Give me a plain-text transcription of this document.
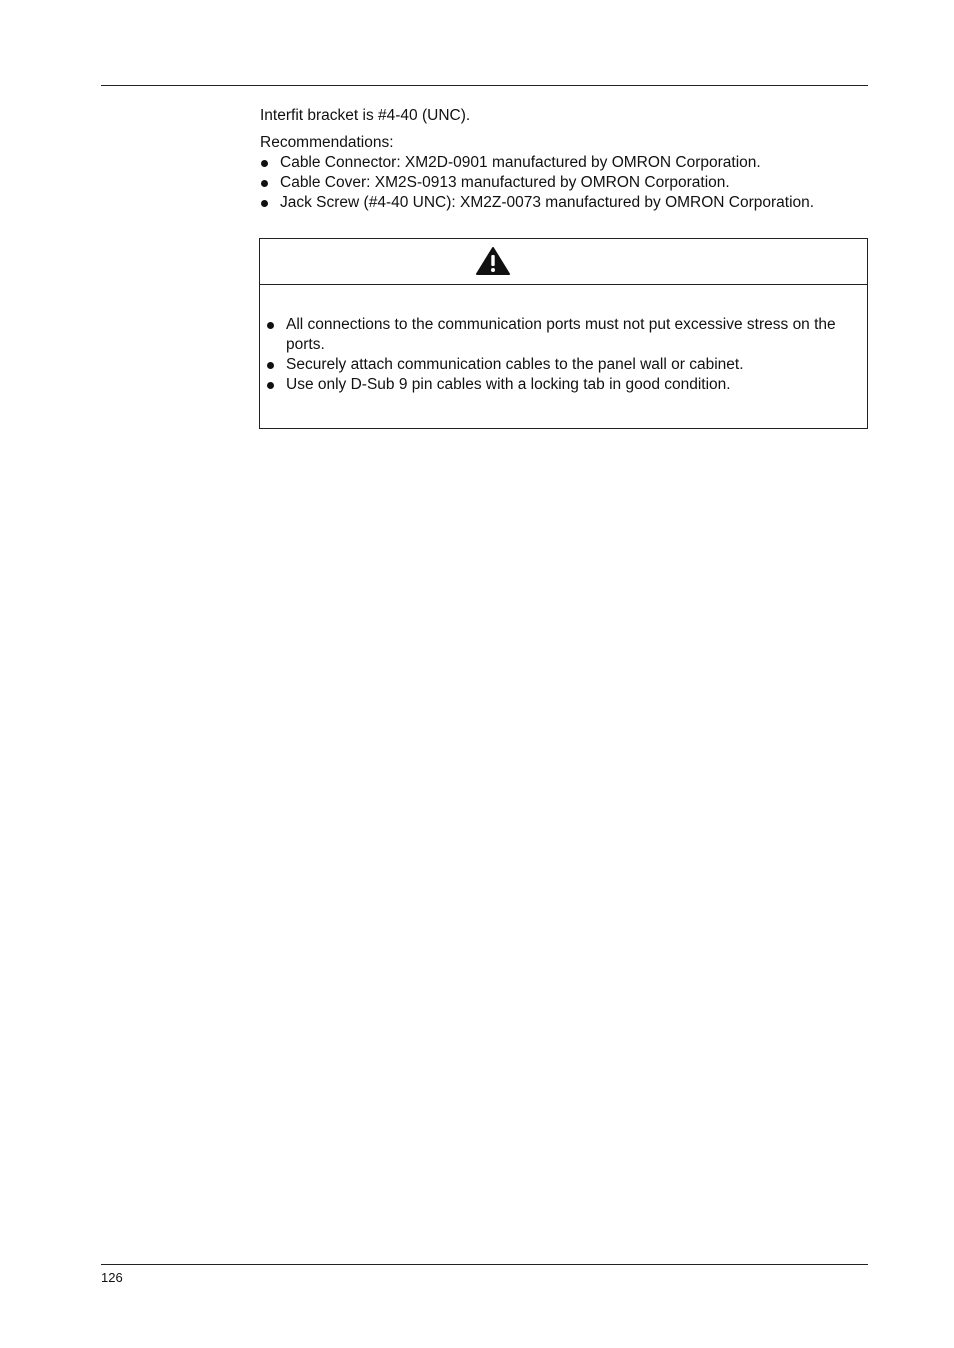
Interfit bracket is #4-40 (UNC).

Recommendations:

Cable Connector: XM2D-0901 manufactured by OMRON Corporation.
Cable Cover: XM2S-0913 manufactured by OMRON Corporation.
Jack Screw (#4-40 UNC): XM2Z-0073 manufactured by OMRON Corporation.
All connections to the communication ports must not put excessive stress on the ports.
Securely attach communication cables to the panel wall or cabinet.
Use only D-Sub 9 pin cables with a locking tab in good condition.
126
